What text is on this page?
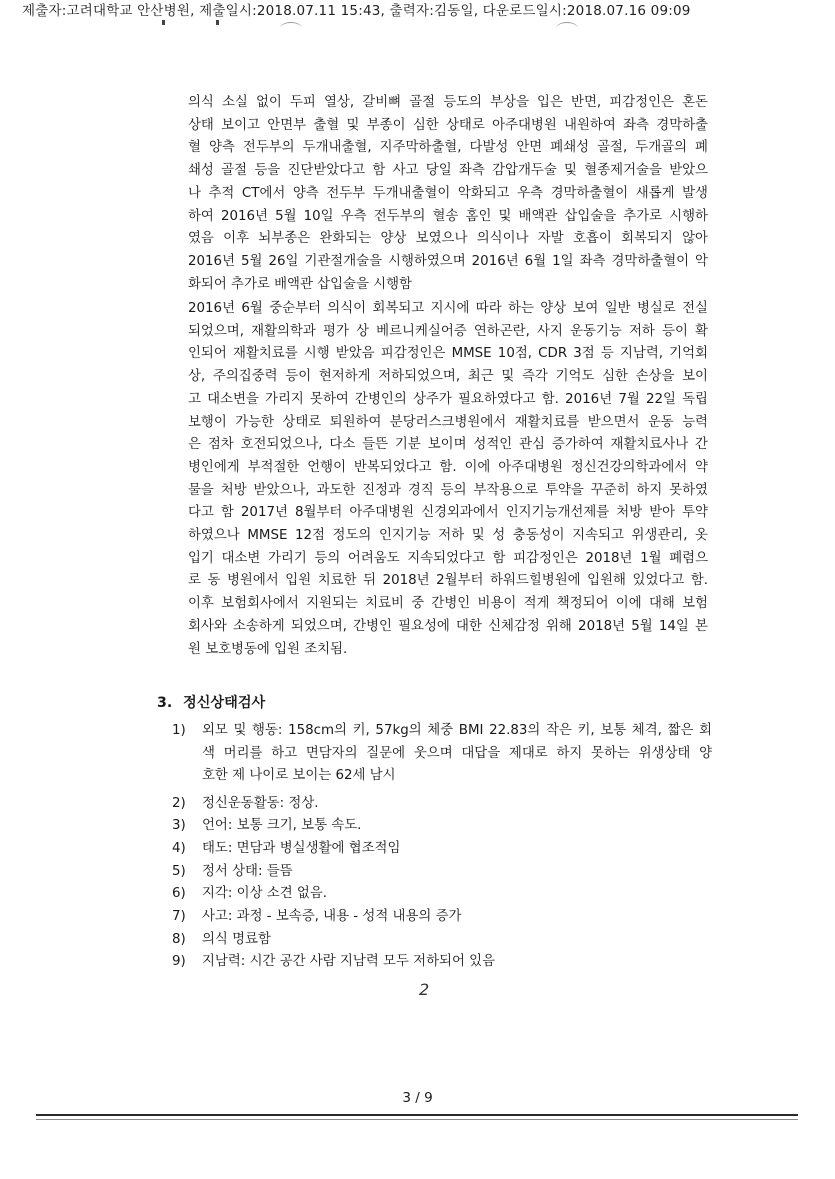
제출자:고려대학교 안산병원, 제출일시:2018.07.11 15:43, 출력자:김동일, 다운로드일시:2018.07.16 09:09
의식 소실 없이 두피 열상, 갈비뼈 골절 등도의 부상을 입은 반면, 피감정인은 혼돈
상태 보이고 안면부 출혈 및 부종이 심한 상태로 아주대병원 내원하여 좌측 경막하출
혈 양측 전두부의 두개내출혈, 지주막하출혈, 다발성 안면 폐쇄성 골절, 두개골의 폐
쇄성 골절 등을 진단받았다고 함 사고 당일 좌측 감압개두술 및 혈종제거술을 받았으
나 추적 CT에서 양측 전두부 두개내출혈이 악화되고 우측 경막하출혈이 새롭게 발생
하여 2016년 5월 10일 우측 전두부의 혈송 홈인 및 배액관 삽입술을 추가로 시행하
였음 이후 뇌부종은 완화되는 양상 보였으나 의식이나 자발 호흡이 회복되지 않아
2016년 5월 26일 기관절개술을 시행하였으며 2016년 6월 1일 좌측 경막하출혈이 악
화되어 추가로 배액관 삽입술을 시행함
2016년 6월 중순부터 의식이 회복되고 지시에 따라 하는 양상 보여 일반 병실로 전실
되었으며, 재활의학과 평가 상 베르니케실어증 연하곤란, 사지 운동기능 저하 등이 확
인되어 재활치료를 시행 받았음 피감정인은 MMSE 10점, CDR 3점 등 지남력, 기억회
상, 주의집중력 등이 현저하게 저하되었으며, 최근 및 즉각 기억도 심한 손상을 보이
고 대소변을 가리지 못하여 간병인의 상주가 필요하였다고 함. 2016년 7월 22일 독립
보행이 가능한 상태로 퇴원하여 분당러스크병원에서 재활치료를 받으면서 운동 능력
은 점차 호전되었으나, 다소 들뜬 기분 보이며 성적인 관심 증가하여 재활치료사나 간
병인에게 부적절한 언행이 반복되었다고 함. 이에 아주대병원 정신건강의학과에서 약
물을 처방 받았으나, 과도한 진정과 경직 등의 부작용으로 투약을 꾸준히 하지 못하였
다고 함 2017년 8월부터 아주대병원 신경외과에서 인지기능개선제를 처방 받아 투약
하였으나 MMSE 12점 정도의 인지기능 저하 및 성 충동성이 지속되고 위생관리, 옷
입기 대소변 가리기 등의 어려움도 지속되었다고 함 피감정인은 2018년 1월 폐렴으
로 동 병원에서 입원 치료한 뒤 2018년 2월부터 하워드힐병원에 입원해 있었다고 함.
이후 보험회사에서 지원되는 치료비 중 간병인 비용이 적게 책정되어 이에 대해 보험
회사와 소송하게 되었으며, 간병인 필요성에 대한 신체감정 위해 2018년 5월 14일 본
원 보호병동에 입원 조치됨.
3. 정신상태검사
1)	외모 및 행동: 158cm의 키, 57kg의 체중 BMI 22.83의 작은 키, 보통 체격, 짧은 회
색 머리를 하고 면담자의 질문에 웃으며 대답을 제대로 하지 못하는 위생상태 양
호한 제 나이로 보이는 62세 남시
2)	정신운동활동: 정상.
3)	언어: 보통 크기, 보통 속도.
4)	태도: 면담과 병실생활에 협조적임
5)	정서 상태: 들뜸
6)	지각: 이상 소견 없음.
7)	사고: 과정 - 보속증, 내용 - 성적 내용의 증가
8)	의식 명료함
9)	지남력: 시간 공간 사람 지남력 모두 저하되어 있음
2
3 / 9
